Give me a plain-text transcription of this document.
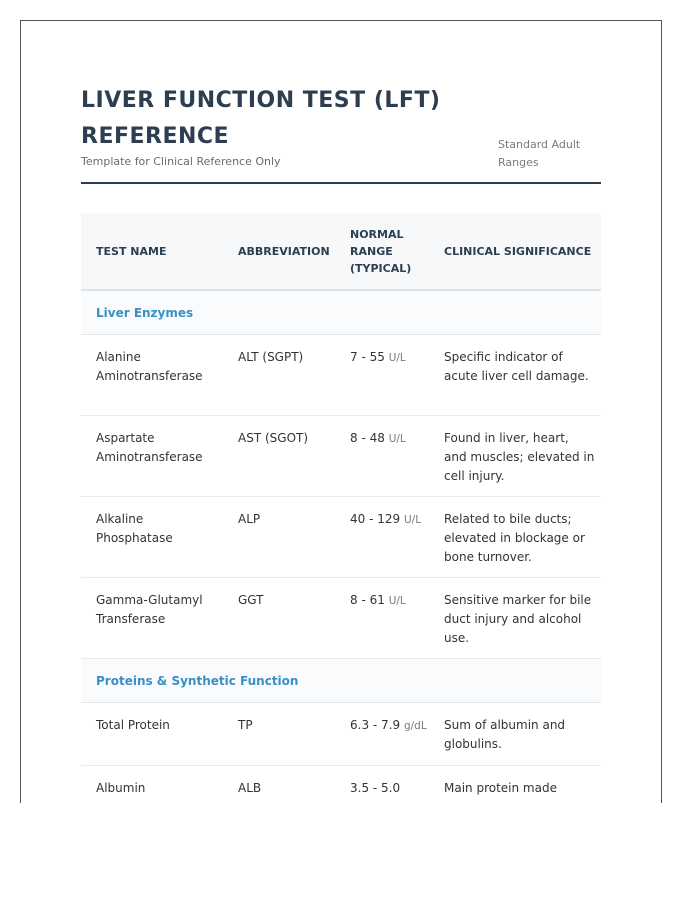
LIVER FUNCTION TEST (LFT) REFERENCE
Template for Clinical Reference Only
Standard Adult Ranges
TEST NAME	ABBREVIATION	NORMAL RANGE (TYPICAL)	CLINICAL SIGNIFICANCE
Liver Enzymes			
Alanine Aminotransferase	ALT (SGPT)	7 - 55 U/L	Specific indicator of acute liver cell damage.
Aspartate Aminotransferase	AST (SGOT)	8 - 48 U/L	Found in liver, heart, and muscles; elevated in cell injury.
Alkaline Phosphatase	ALP	40 - 129 U/L	Related to bile ducts; elevated in blockage or bone turnover.
Gamma-Glutamyl Transferase	GGT	8 - 61 U/L	Sensitive marker for bile duct injury and alcohol use.
Proteins & Synthetic Function			
Total Protein	TP	6.3 - 7.9 g/dL	Sum of albumin and globulins.
Albumin	ALB	3.5 - 5.0	Main protein made
